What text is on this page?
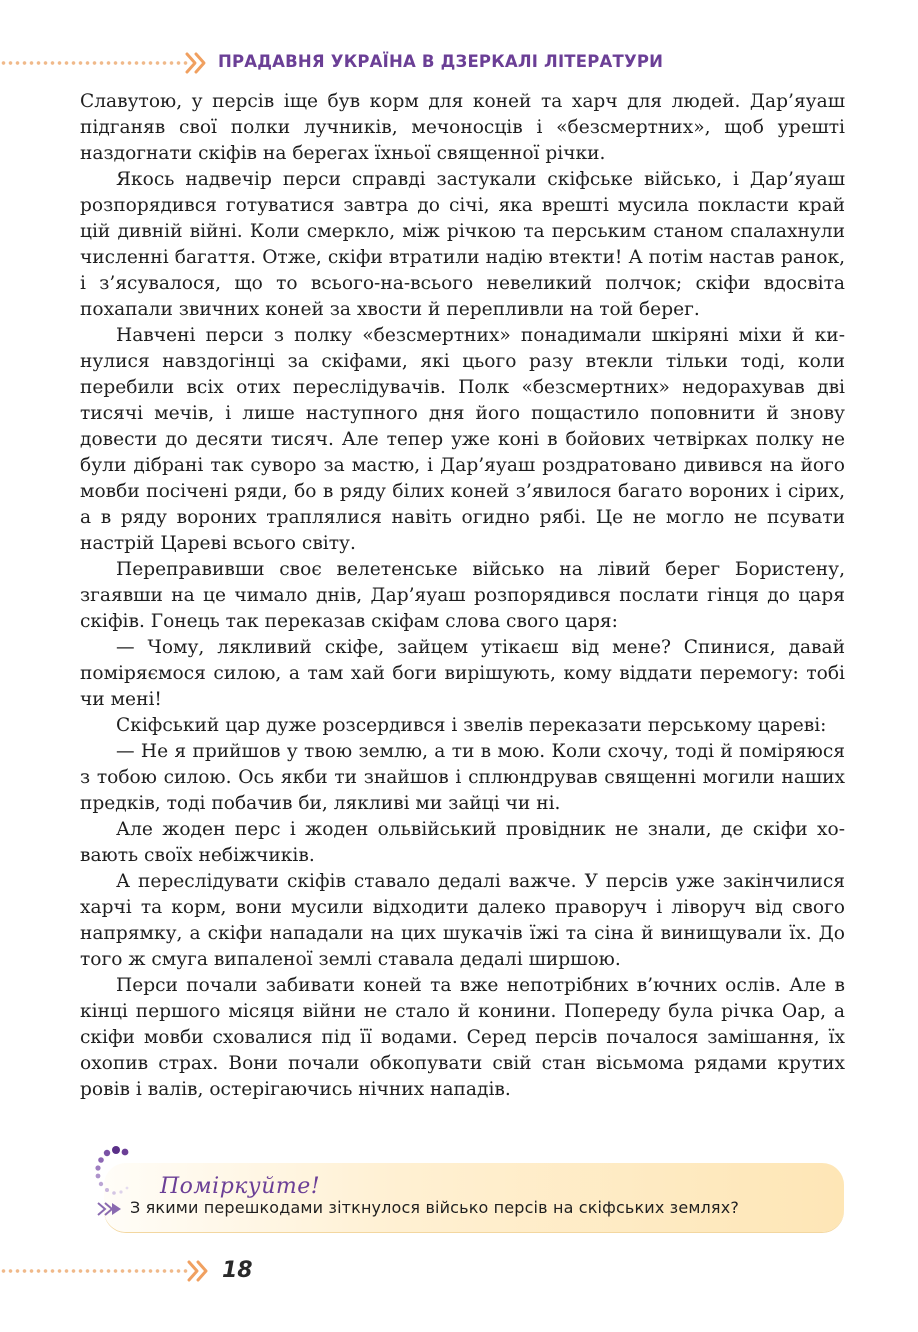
ПРАДАВНЯ УКРАЇНА В ДЗЕРКАЛІ ЛІТЕРАТУРИ

Славутою, у персів іще був корм для коней та харч для людей. Дар’яуаш підганяв свої полки лучників, мечоносців і «безсмертних», щоб урешті наздогнати скіфів на берегах їхньої священної річки.

Якось надвечір перси справді застукали скіфське військо, і Дар’яуаш розпорядився готуватися завтра до січі, яка врешті мусила покласти край цій дивній війні. Коли смеркло, між річкою та перським станом спалахнули численні багаття. Отже, скіфи втратили надію втекти! А потім настав ранок, і з’ясувалося, що то всього-на-всього невеликий полчок; скіфи вдосвіта похапали звичних коней за хвости й перепливли на той берег.

Навчені перси з полку «безсмертних» понадимали шкіряні міхи й кинулися навздогінці за скіфами, які цього разу втекли тільки тоді, коли перебили всіх отих переслідувачів. Полк «безсмертних» недорахував дві тисячі мечів, і лише наступного дня його пощастило поповнити й знову довести до десяти тисяч. Але тепер уже коні в бойових четвірках полку не були дібрані так суворо за мастю, і Дар’яуаш роздратовано дивився на його мовби посічені ряди, бо в ряду білих коней з’явилося багато вороних і сірих, а в ряду вороних траплялися навіть огидно рябі. Це не могло не псувати настрій Цареві всього світу.

Переправивши своє велетенське військо на лівий берег Бористену, згаявши на це чимало днів, Дар’яуаш розпорядився послати гінця до царя скіфів. Гонець так переказав скіфам слова свого царя:

— Чому, лякливий скіфе, зайцем утікаєш від мене? Спинися, давай поміряємося силою, а там хай боги вирішують, кому віддати перемогу: тобі чи мені!

Скіфський цар дуже розсердився і звелів переказати перському цареві:

— Не я прийшов у твою землю, а ти в мою. Коли схочу, тоді й поміряюся з тобою силою. Ось якби ти знайшов і сплюндрував священні могили наших предків, тоді побачив би, лякливі ми зайці чи ні.

Але жоден перс і жоден ольвійський провідник не знали, де скіфи ховають своїх небіжчиків.

А переслідувати скіфів ставало дедалі важче. У персів уже закінчилися харчі та корм, вони мусили відходити далеко праворуч і ліворуч від свого напрямку, а скіфи нападали на цих шукачів їжі та сіна й винищували їх. До того ж смуга випаленої землі ставала дедалі ширшою.

Перси почали забивати коней та вже непотрібних в’ючних ослів. Але в кінці першого місяця війни не стало й конини. Попереду була річка Оар, а скіфи мовби сховалися під її водами. Серед персів почалося замішання, їх охопив страх. Вони почали обкопувати свій стан вісьмома рядами крутих ровів і валів, остерігаючись нічних нападів.

Поміркуйте!
З якими перешкодами зіткнулося військо персів на скіфських землях?
18
